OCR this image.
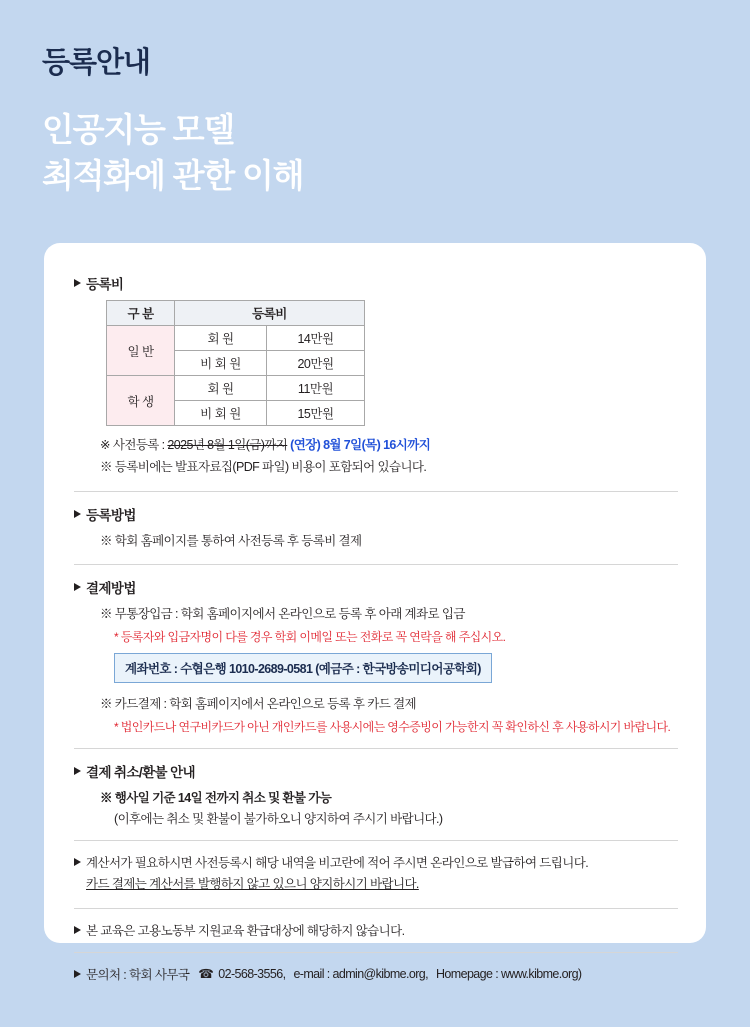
등록안내
인공지능 모델
최적화에 관한 이해
등록비
구 분	등록비	
일 반	회 원	14만원
	비 회 원	20만원
학 생	회 원	11만원
	비 회 원	15만원
※ 사전등록 : 2025년 8월 1일(금)까지 (연장) 8월 7일(목) 16시까지
※ 등록비에는 발표자료집(PDF 파일) 비용이 포함되어 있습니다.
등록방법
※ 학회 홈페이지를 통하여 사전등록 후 등록비 결제
결제방법
※ 무통장입금 : 학회 홈페이지에서 온라인으로 등록 후 아래 계좌로 입금
* 등록자와 입금자명이 다를 경우 학회 이메일 또는 전화로 꼭 연락을 해 주십시오.
계좌번호 : 수협은행 1010-2689-0581 (예금주 : 한국방송미디어공학회)
※ 카드결제 : 학회 홈페이지에서 온라인으로 등록 후 카드 결제
* 법인카드나 연구비카드가 아닌 개인카드를 사용시에는 영수증빙이 가능한지 꼭 확인하신 후 사용하시기 바랍니다.
결제 취소/환불 안내
※ 행사일 기준 14일 전까지 취소 및 환불 가능
(이후에는 취소 및 환불이 불가하오니 양지하여 주시기 바랍니다.)
계산서가 필요하시면 사전등록시 해당 내역을 비고란에 적어 주시면 온라인으로 발급하여 드립니다.
카드 결제는 계산서를 발행하지 않고 있으니 양지하시기 바랍니다.
본 교육은 고용노동부 지원교육 환급대상에 해당하지 않습니다.
문의처 : 학회 사무국 ☎ 02-568-3556, e-mail : admin@kibme.org, Homepage : www.kibme.org)
